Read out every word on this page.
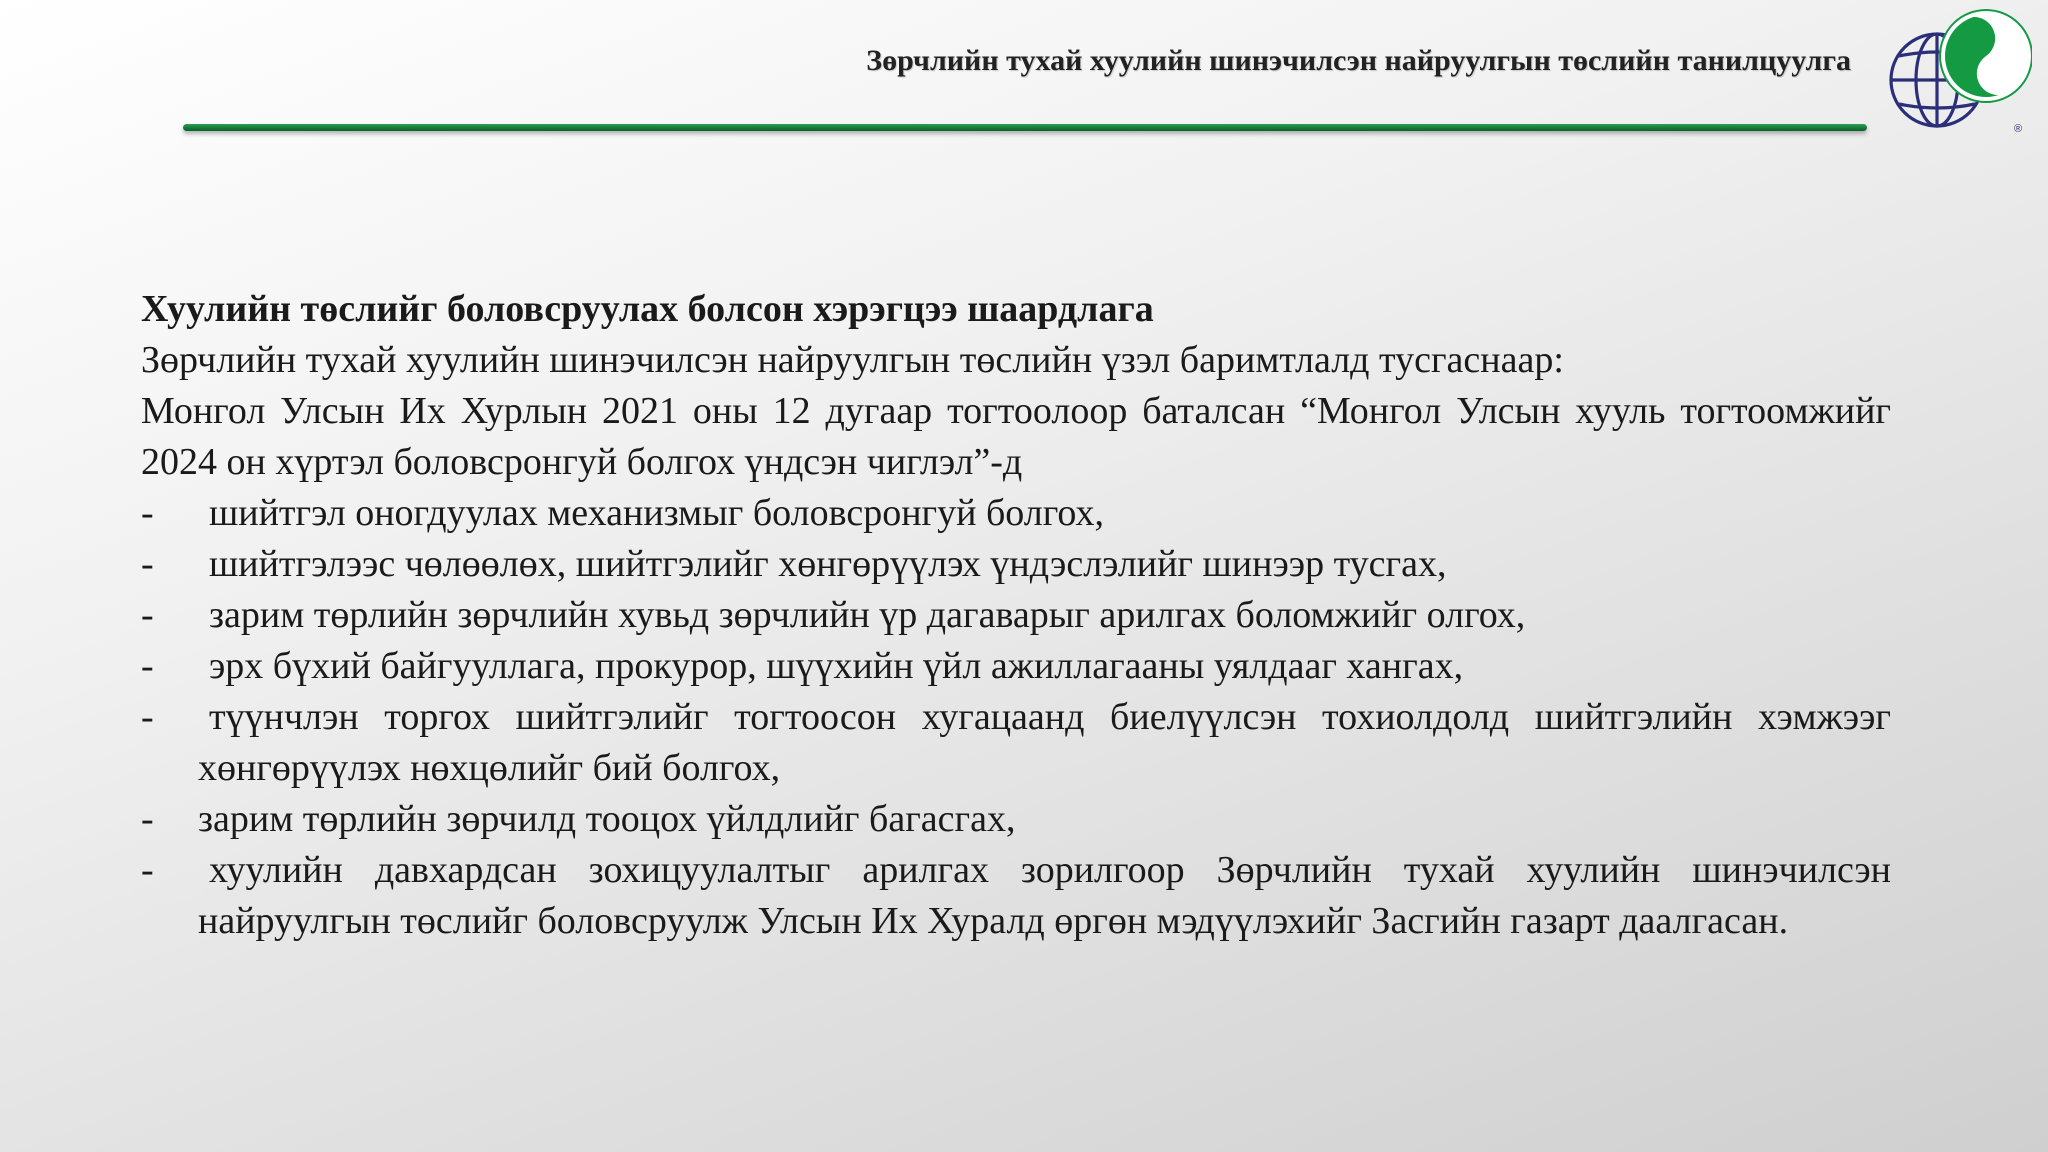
Зөрчлийн тухай хуулийн шинэчилсэн найруулгын төслийн танилцуулга
®

Хуулийн төслийг боловсруулах болсон хэрэгцээ шаардлага

Зөрчлийн тухай хуулийн шинэчилсэн найруулгын төслийн үзэл баримтлалд тусгаснаар:

Монгол Улсын Их Хурлын 2021 оны 12 дугаар тогтоолоор баталсан “Монгол Улсын хууль тогтоомжийг 2024 он хүртэл боловсронгуй болгох үндсэн чиглэл”-д

- шийтгэл оногдуулах механизмыг боловсронгуй болгох,
- шийтгэлээс чөлөөлөх, шийтгэлийг хөнгөрүүлэх үндэслэлийг шинээр тусгах,
- зарим төрлийн зөрчлийн хувьд зөрчлийн үр дагаварыг арилгах боломжийг олгох,
- эрх бүхий байгууллага, прокурор, шүүхийн үйл ажиллагааны уялдааг хангах,
- түүнчлэн торгох шийтгэлийг тогтоосон хугацаанд биелүүлсэн тохиолдолд шийтгэлийн хэмжээг хөнгөрүүлэх нөхцөлийг бий болгох,
- зарим төрлийн зөрчилд тооцох үйлдлийг багасгах,
- хуулийн давхардсан зохицуулалтыг арилгах зорилгоор Зөрчлийн тухай хуулийн шинэчилсэн найруулгын төслийг боловсруулж Улсын Их Хуралд өргөн мэдүүлэхийг Засгийн газарт даалгасан.
